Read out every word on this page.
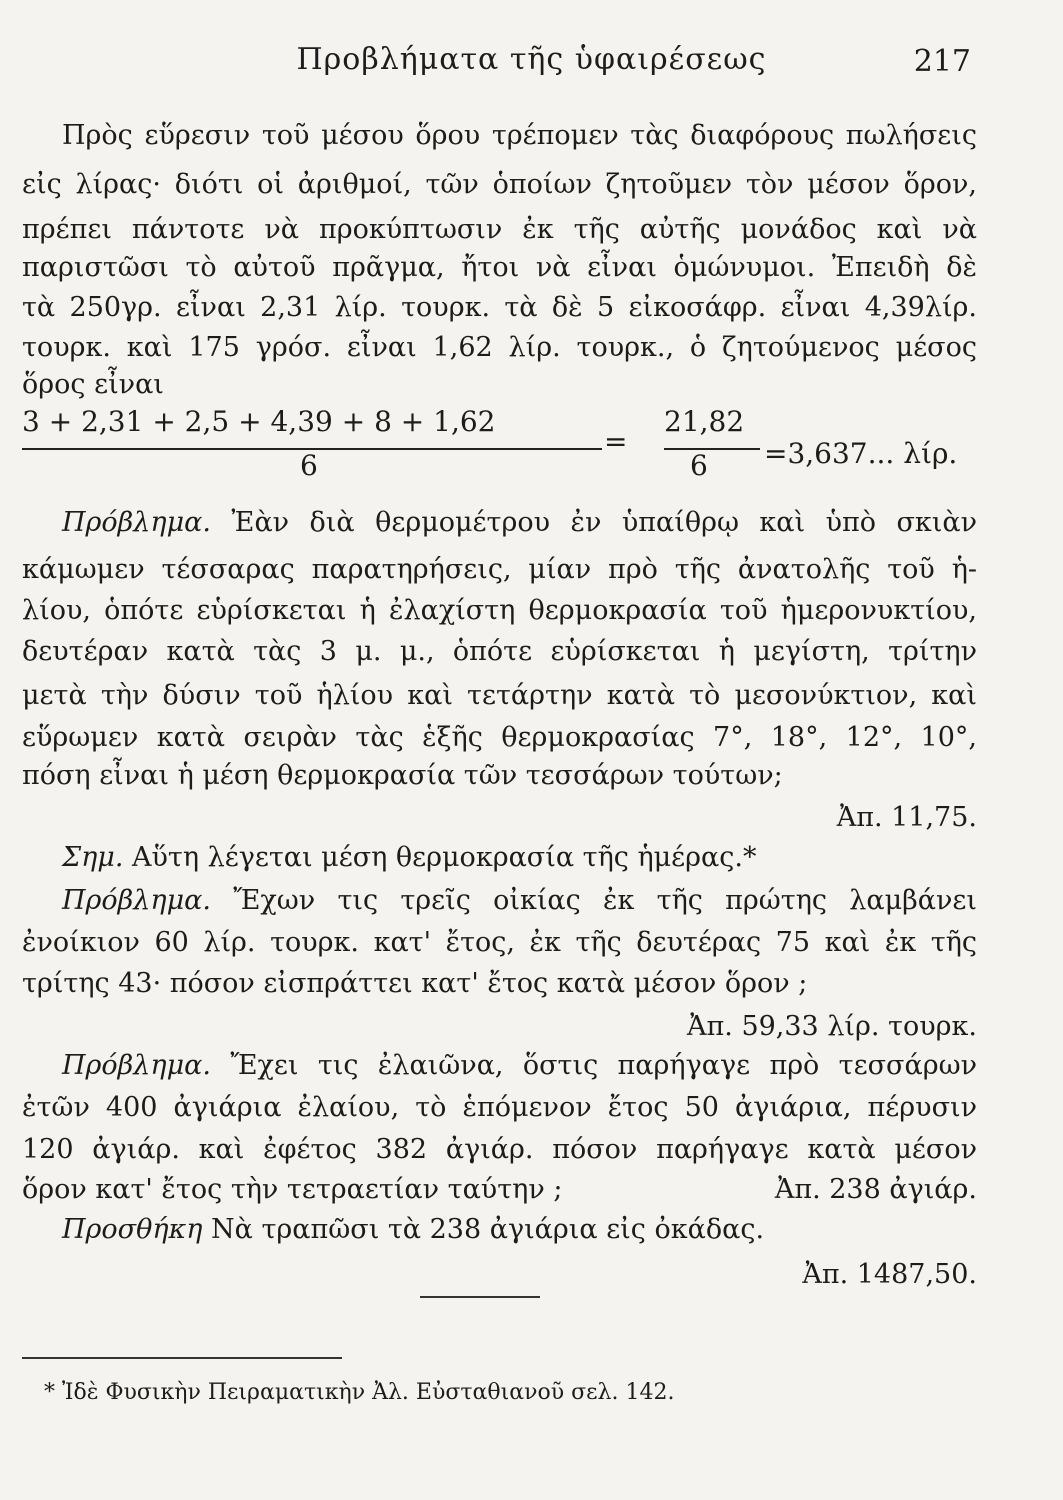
Προβλήματα τῆς ὑφαιρέσεως	217
Πρὸς εὕρεσιν τοῦ μέσου ὅρου τρέπομεν τὰς διαφόρους πωλήσεις
εἰς λίρας· διότι οἱ ἀριθμοί, τῶν ὁποίων ζητοῦμεν τὸν μέσον ὅρον,
πρέπει πάντοτε νὰ προκύπτωσιν ἐκ τῆς αὐτῆς μονάδος καὶ νὰ
παριστῶσι τὸ αὐτοῦ πρᾶγμα, ἤτοι νὰ εἶναι ὁμώνυμοι. Ἐπειδὴ δὲ
τὰ 250γρ. εἶναι 2,31 λίρ. τουρκ. τὰ δὲ 5 εἰκοσάφρ. εἶναι 4,39λίρ.
τουρκ. καὶ 175 γρόσ. εἶναι 1,62 λίρ. τουρκ., ὁ ζητούμενος μέσος
ὅρος εἶναι
3 + 2,31 + 2,5 + 4,39 + 8 + 1,62
6
=
21,82
6 =3,637... λίρ.
Πρόβλημα. Ἐὰν διὰ θερμομέτρου ἐν ὑπαίθρῳ καὶ ὑπὸ σκιὰν
κάμωμεν τέσσαρας παρατηρήσεις, μίαν πρὸ τῆς ἀνατολῆς τοῦ ἡ-
λίου, ὁπότε εὑρίσκεται ἡ ἐλαχίστη θερμοκρασία τοῦ ἡμερονυκτίου,
δευτέραν κατὰ τὰς 3 μ. μ., ὁπότε εὑρίσκεται ἡ μεγίστη, τρίτην
μετὰ τὴν δύσιν τοῦ ἡλίου καὶ τετάρτην κατὰ τὸ μεσονύκτιον, καὶ
εὕρωμεν κατὰ σειρὰν τὰς ἑξῆς θερμοκρασίας 7°, 18°, 12°, 10°,
πόση εἶναι ἡ μέση θερμοκρασία τῶν τεσσάρων τούτων;
Ἀπ. 11,75.
Σημ. Αὕτη λέγεται μέση θερμοκρασία τῆς ἡμέρας.*
Πρόβλημα. Ἔχων τις τρεῖς οἰκίας ἐκ τῆς πρώτης λαμβάνει
ἐνοίκιον 60 λίρ. τουρκ. κατ' ἔτος, ἐκ τῆς δευτέρας 75 καὶ ἐκ τῆς
τρίτης 43· πόσον εἰσπράττει κατ' ἔτος κατὰ μέσον ὅρον ;
Ἀπ. 59,33 λίρ. τουρκ.
Πρόβλημα. Ἔχει τις ἐλαιῶνα, ὅστις παρήγαγε πρὸ τεσσάρων
ἐτῶν 400 ἀγιάρια ἐλαίου, τὸ ἑπόμενον ἔτος 50 ἀγιάρια, πέρυσιν
120 ἀγιάρ. καὶ ἐφέτος 382 ἀγιάρ. πόσον παρήγαγε κατὰ μέσον
ὅρον κατ' ἔτος τὴν τετραετίαν ταύτην ;	Ἀπ. 238 ἀγιάρ.
Προσθήκη Νὰ τραπῶσι τὰ 238 ἀγιάρια εἰς ὀκάδας.
Ἀπ. 1487,50.
* Ἰδὲ Φυσικὴν Πειραματικὴν Ἀλ. Εὐσταθιανοῦ σελ. 142.
